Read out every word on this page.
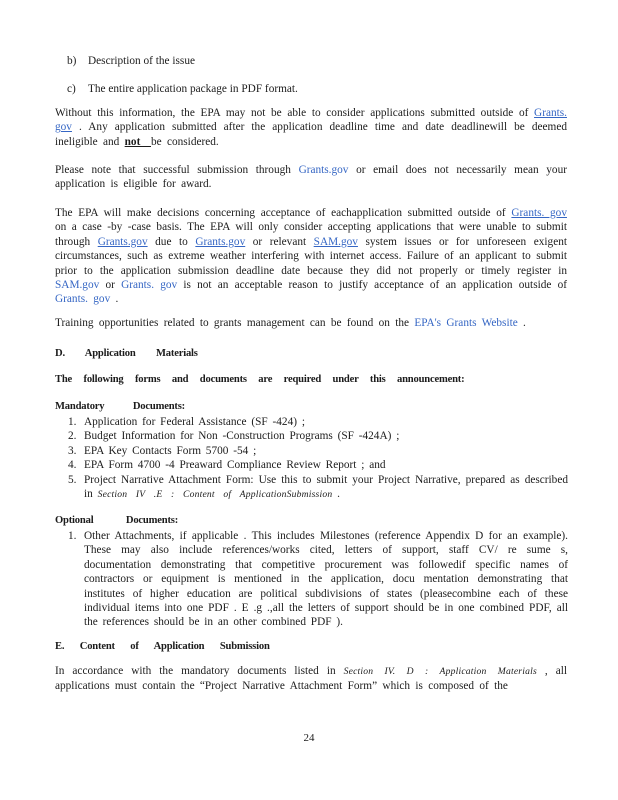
b)	Description of the issue
c)	The entire application package in PDF format.
Without this information, the EPA may not be able to consider applications submitted outside of Grants. gov . Any application submitted after the application deadline time and date deadlinewill be deemed ineligible and not  be considered.
Please note that successful submission through Grants.gov or email does not necessarily mean your application is eligible for award.
The EPA will make decisions concerning acceptance of eachapplication submitted outside of Grants. gov on a case -by -case basis. The EPA will only consider accepting applications that were unable to submit through Grants.gov due to Grants.gov or relevant SAM.gov system issues or for unforeseen exigent circumstances, such as extreme weather interfering with internet access. Failure of an applicant to submit prior to the application submission deadline date because they did not properly or timely register in SAM.gov or Grants. gov is not an acceptable reason to justify acceptance of an application outside of Grants. gov .
Training opportunities related to grants management can be found on the EPA's Grants Website .
D. Application Materials
The following forms and documents are required under this announcement:
Mandatory Documents:
1. Application for Federal Assistance (SF -424) ;
2. Budget Information for Non -Construction Programs (SF -424A) ;
3. EPA Key Contacts Form 5700 -54 ;
4. EPA Form 4700 -4 Preaward Compliance Review Report ; and
5. Project Narrative Attachment Form: Use this to submit your Project Narrative, prepared as described in Section IV .E : Content of ApplicationSubmission .
Optional Documents:
1. Other Attachments, if applicable . This includes Milestones (reference Appendix D for an example). These may also include references/works cited, letters of support, staff CV/ re sume s, documentation demonstrating that competitive procurement was followedif specific names of contractors or equipment is mentioned in the application, docu mentation demonstrating that institutes of higher education are political subdivisions of states (pleasecombine each of these individual items into one PDF . E .g .,all the letters of support should be in one combined PDF, all the references should be in an other combined PDF ).
E. Content of Application Submission
In accordance with the mandatory documents listed in Section IV. D : Application Materials , all applications must contain the “Project Narrative Attachment Form” which is composed of the
24
